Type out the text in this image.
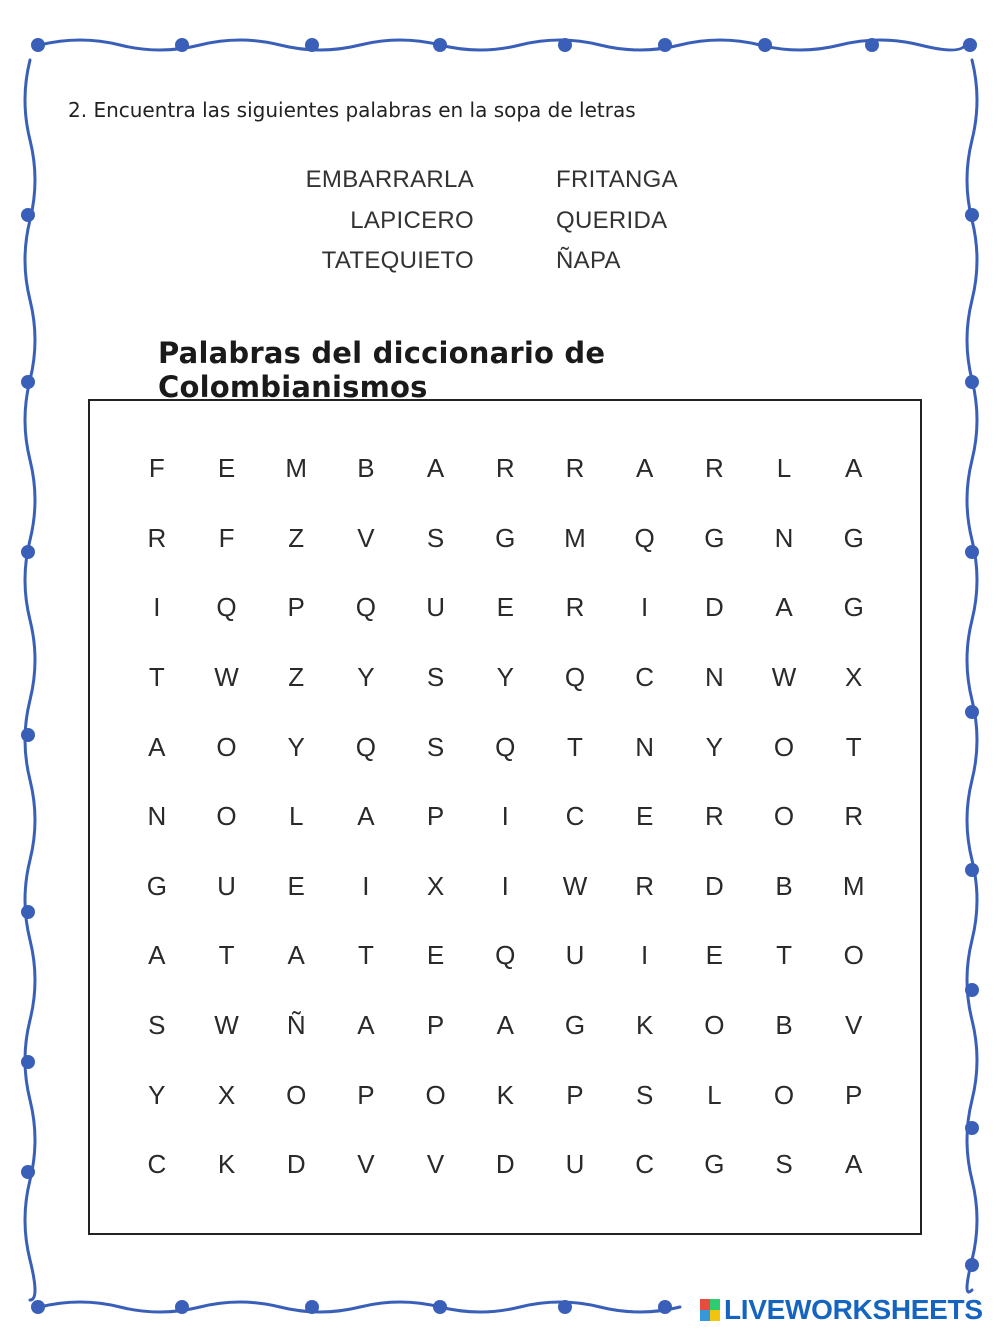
2. Encuentra las siguientes palabras en la sopa de letras
EMBARRARLA
LAPICERO
TATEQUIETO
FRITANGA
QUERIDA
ÑAPA
Palabras del diccionario de Colombianismos
F	E	M	B	A	R	R	A	R	L	A
R	F	Z	V	S	G	M	Q	G	N	G
I	Q	P	Q	U	E	R	I	D	A	G
T	W	Z	Y	S	Y	Q	C	N	W	X
A	O	Y	Q	S	Q	T	N	Y	O	T
N	O	L	A	P	I	C	E	R	O	R
G	U	E	I	X	I	W	R	D	B	M
A	T	A	T	E	Q	U	I	E	T	O
S	W	Ñ	A	P	A	G	K	O	B	V
Y	X	O	P	O	K	P	S	L	O	P
C	K	D	V	V	D	U	C	G	S	A
LIVEWORKSHEETS
